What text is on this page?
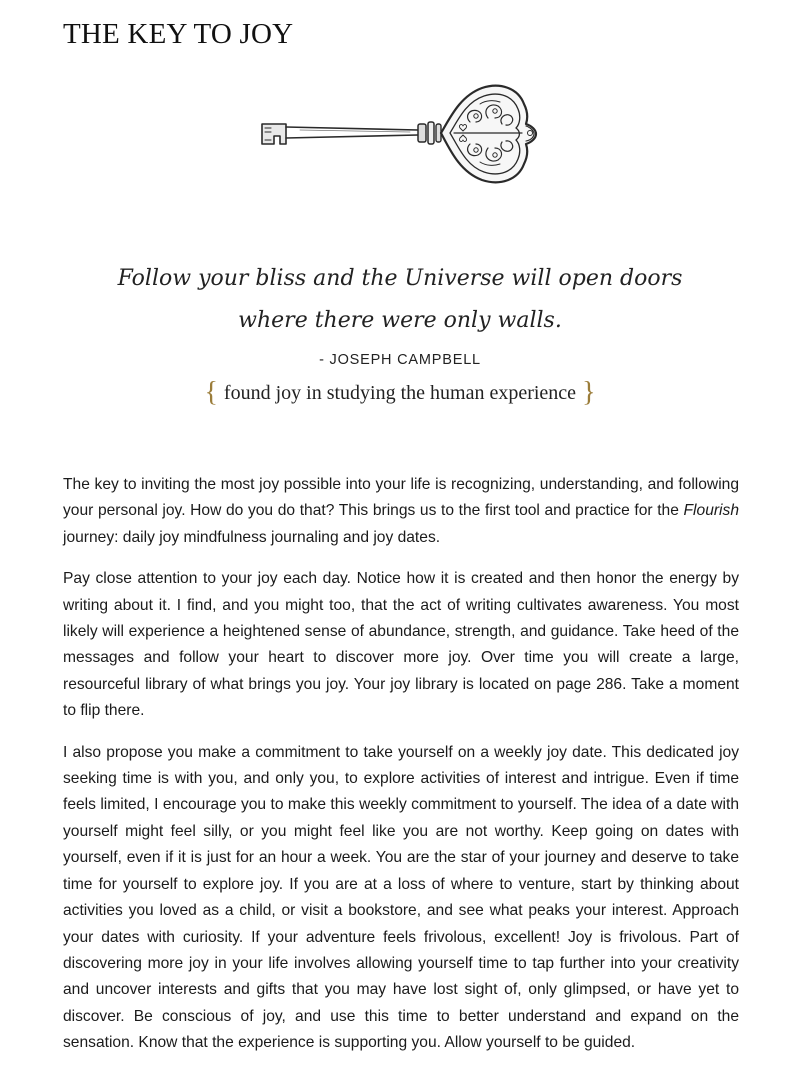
THE KEY TO JOY
Follow your bliss and the Universe will open doors
where there were only walls.
- JOSEPH CAMPBELL
{ found joy in studying the human experience }

The key to inviting the most joy possible into your life is recognizing, understanding, and following your personal joy. How do you do that? This brings us to the first tool and practice for the Flourish journey: daily joy mindfulness journaling and joy dates.

Pay close attention to your joy each day. Notice how it is created and then honor the energy by writing about it. I find, and you might too, that the act of writing cultivates awareness. You most likely will experience a heightened sense of abundance, strength, and guidance. Take heed of the messages and follow your heart to discover more joy. Over time you will create a large, resourceful library of what brings you joy. Your joy library is located on page 286. Take a moment to flip there.

I also propose you make a commitment to take yourself on a weekly joy date. This dedicated joy seeking time is with you, and only you, to explore activities of interest and intrigue. Even if time feels limited, I encourage you to make this weekly commitment to yourself. The idea of a date with yourself might feel silly, or you might feel like you are not worthy. Keep going on dates with yourself, even if it is just for an hour a week. You are the star of your journey and deserve to take time for yourself to explore joy. If you are at a loss of where to venture, start by thinking about activities you loved as a child, or visit a bookstore, and see what peaks your interest. Approach your dates with curiosity. If your adventure feels frivolous, excellent! Joy is frivolous. Part of discovering more joy in your life involves allowing yourself time to tap further into your creativity and uncover interests and gifts that you may have lost sight of, only glimpsed, or have yet to discover. Be conscious of joy, and use this time to better understand and expand on the sensation. Know that the experience is supporting you. Allow yourself to be guided.
